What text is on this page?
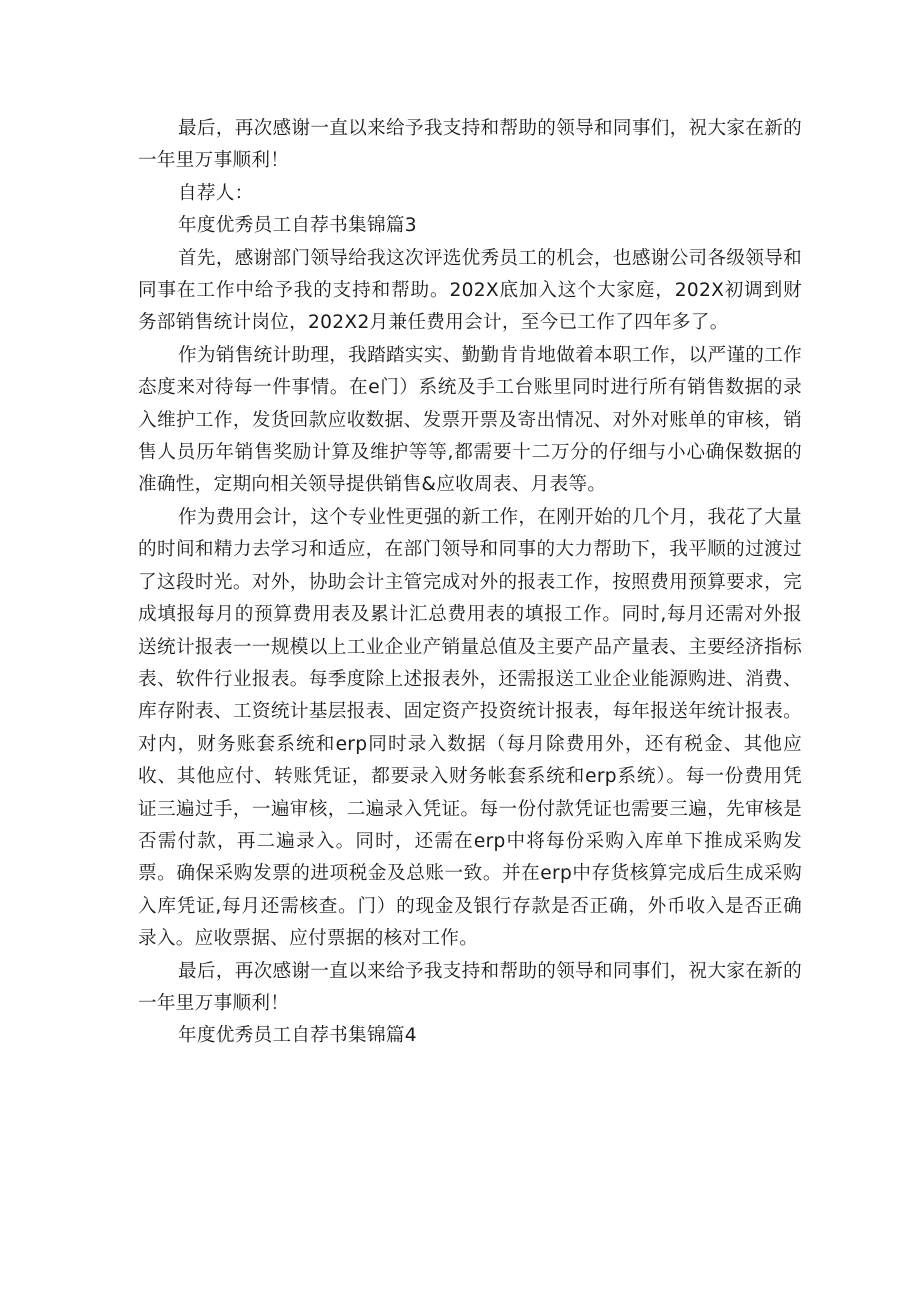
最后，再次感谢一直以来给予我支持和帮助的领导和同事们，祝大家在新的一年里万事顺利！

自荐人：

年度优秀员工自荐书集锦篇3

首先，感谢部门领导给我这次评选优秀员工的机会，也感谢公司各级领导和同事在工作中给予我的支持和帮助。202X底加入这个大家庭，202X初调到财务部销售统计岗位，202X2月兼任费用会计，至今已工作了四年多了。

作为销售统计助理，我踏踏实实、勤勤肯肯地做着本职工作，以严谨的工作态度来对待每一件事情。在e门）系统及手工台账里同时进行所有销售数据的录入维护工作，发货回款应收数据、发票开票及寄出情况、对外对账单的审核，销售人员历年销售奖励计算及维护等等,都需要十二万分的仔细与小心确保数据的准确性，定期向相关领导提供销售&应收周表、月表等。

作为费用会计，这个专业性更强的新工作，在刚开始的几个月，我花了大量的时间和精力去学习和适应，在部门领导和同事的大力帮助下，我平顺的过渡过了这段时光。对外，协助会计主管完成对外的报表工作，按照费用预算要求，完成填报每月的预算费用表及累计汇总费用表的填报工作。同时,每月还需对外报送统计报表一一规模以上工业企业产销量总值及主要产品产量表、主要经济指标表、软件行业报表。每季度除上述报表外，还需报送工业企业能源购进、消费、库存附表、工资统计基层报表、固定资产投资统计报表，每年报送年统计报表。对内，财务账套系统和erp同时录入数据（每月除费用外，还有税金、其他应收、其他应付、转账凭证，都要录入财务帐套系统和erp系统）。每一份费用凭证三遍过手，一遍审核，二遍录入凭证。每一份付款凭证也需要三遍，先审核是否需付款，再二遍录入。同时，还需在erp中将每份采购入库单下推成采购发票。确保采购发票的进项税金及总账一致。并在erp中存货核算完成后生成采购入库凭证,每月还需核查。门）的现金及银行存款是否正确，外币收入是否正确录入。应收票据、应付票据的核对工作。

最后，再次感谢一直以来给予我支持和帮助的领导和同事们，祝大家在新的一年里万事顺利！

年度优秀员工自荐书集锦篇4
